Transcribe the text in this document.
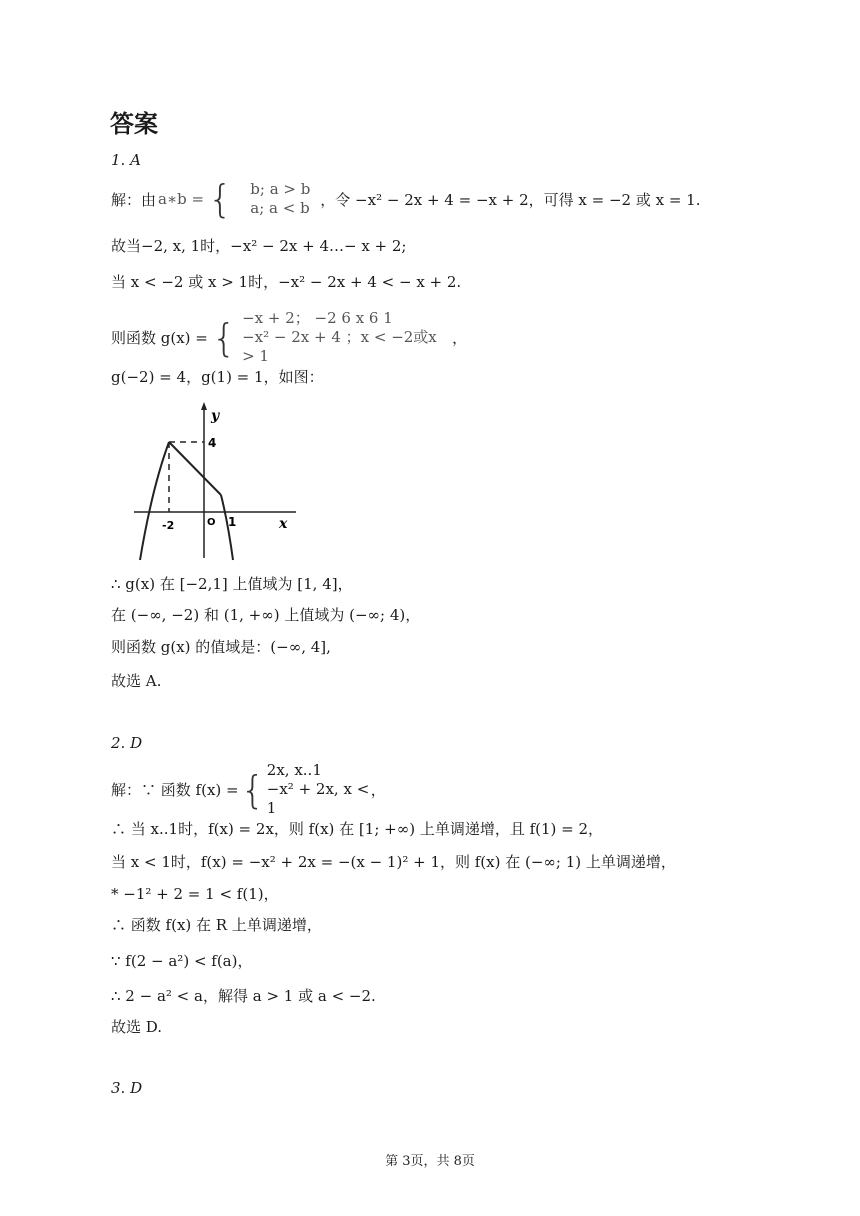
答案
1. A
解：由 a∗b = { b; a > b
a; a < b ，令 −x² − 2x + 4 = −x + 2，可得 x = −2 或 x = 1.
故当−2, x, 1时，−x² − 2x + 4…− x + 2;
当 x < −2 或 x > 1时，−x² − 2x + 4 < − x + 2.
则函数 g(x) = { −x + 2； −2 6 x 6 1
−x² − 2x + 4 ；x < −2或x > 1
，
g(−2) = 4，g(1) = 1，如图：
y
x
4
-2	O 1
∴ g(x) 在 [−2,1] 上值域为 [1, 4]，
在 (−∞, −2) 和 (1, +∞) 上值域为 (−∞; 4)，
则函数 g(x) 的值域是：(−∞, 4],
故选 A.
2. D
解：∵ 函数 f(x) = { 2x, x..1
−x² + 2x, x < 1
，
∴ 当 x..1时，f(x) = 2x，则 f(x) 在 [1; +∞) 上单调递增，且 f(1) = 2，
当 x < 1时，f(x) = −x² + 2x = −(x − 1)² + 1，则 f(x) 在 (−∞; 1) 上单调递增，
* −1² + 2 = 1 < f(1)，
∴ 函数 f(x) 在 R 上单调递增，
∵ f(2 − a²) < f(a)，
∴ 2 − a² < a，解得 a > 1 或 a < −2.
故选 D.
3. D
第 3页，共 8页
